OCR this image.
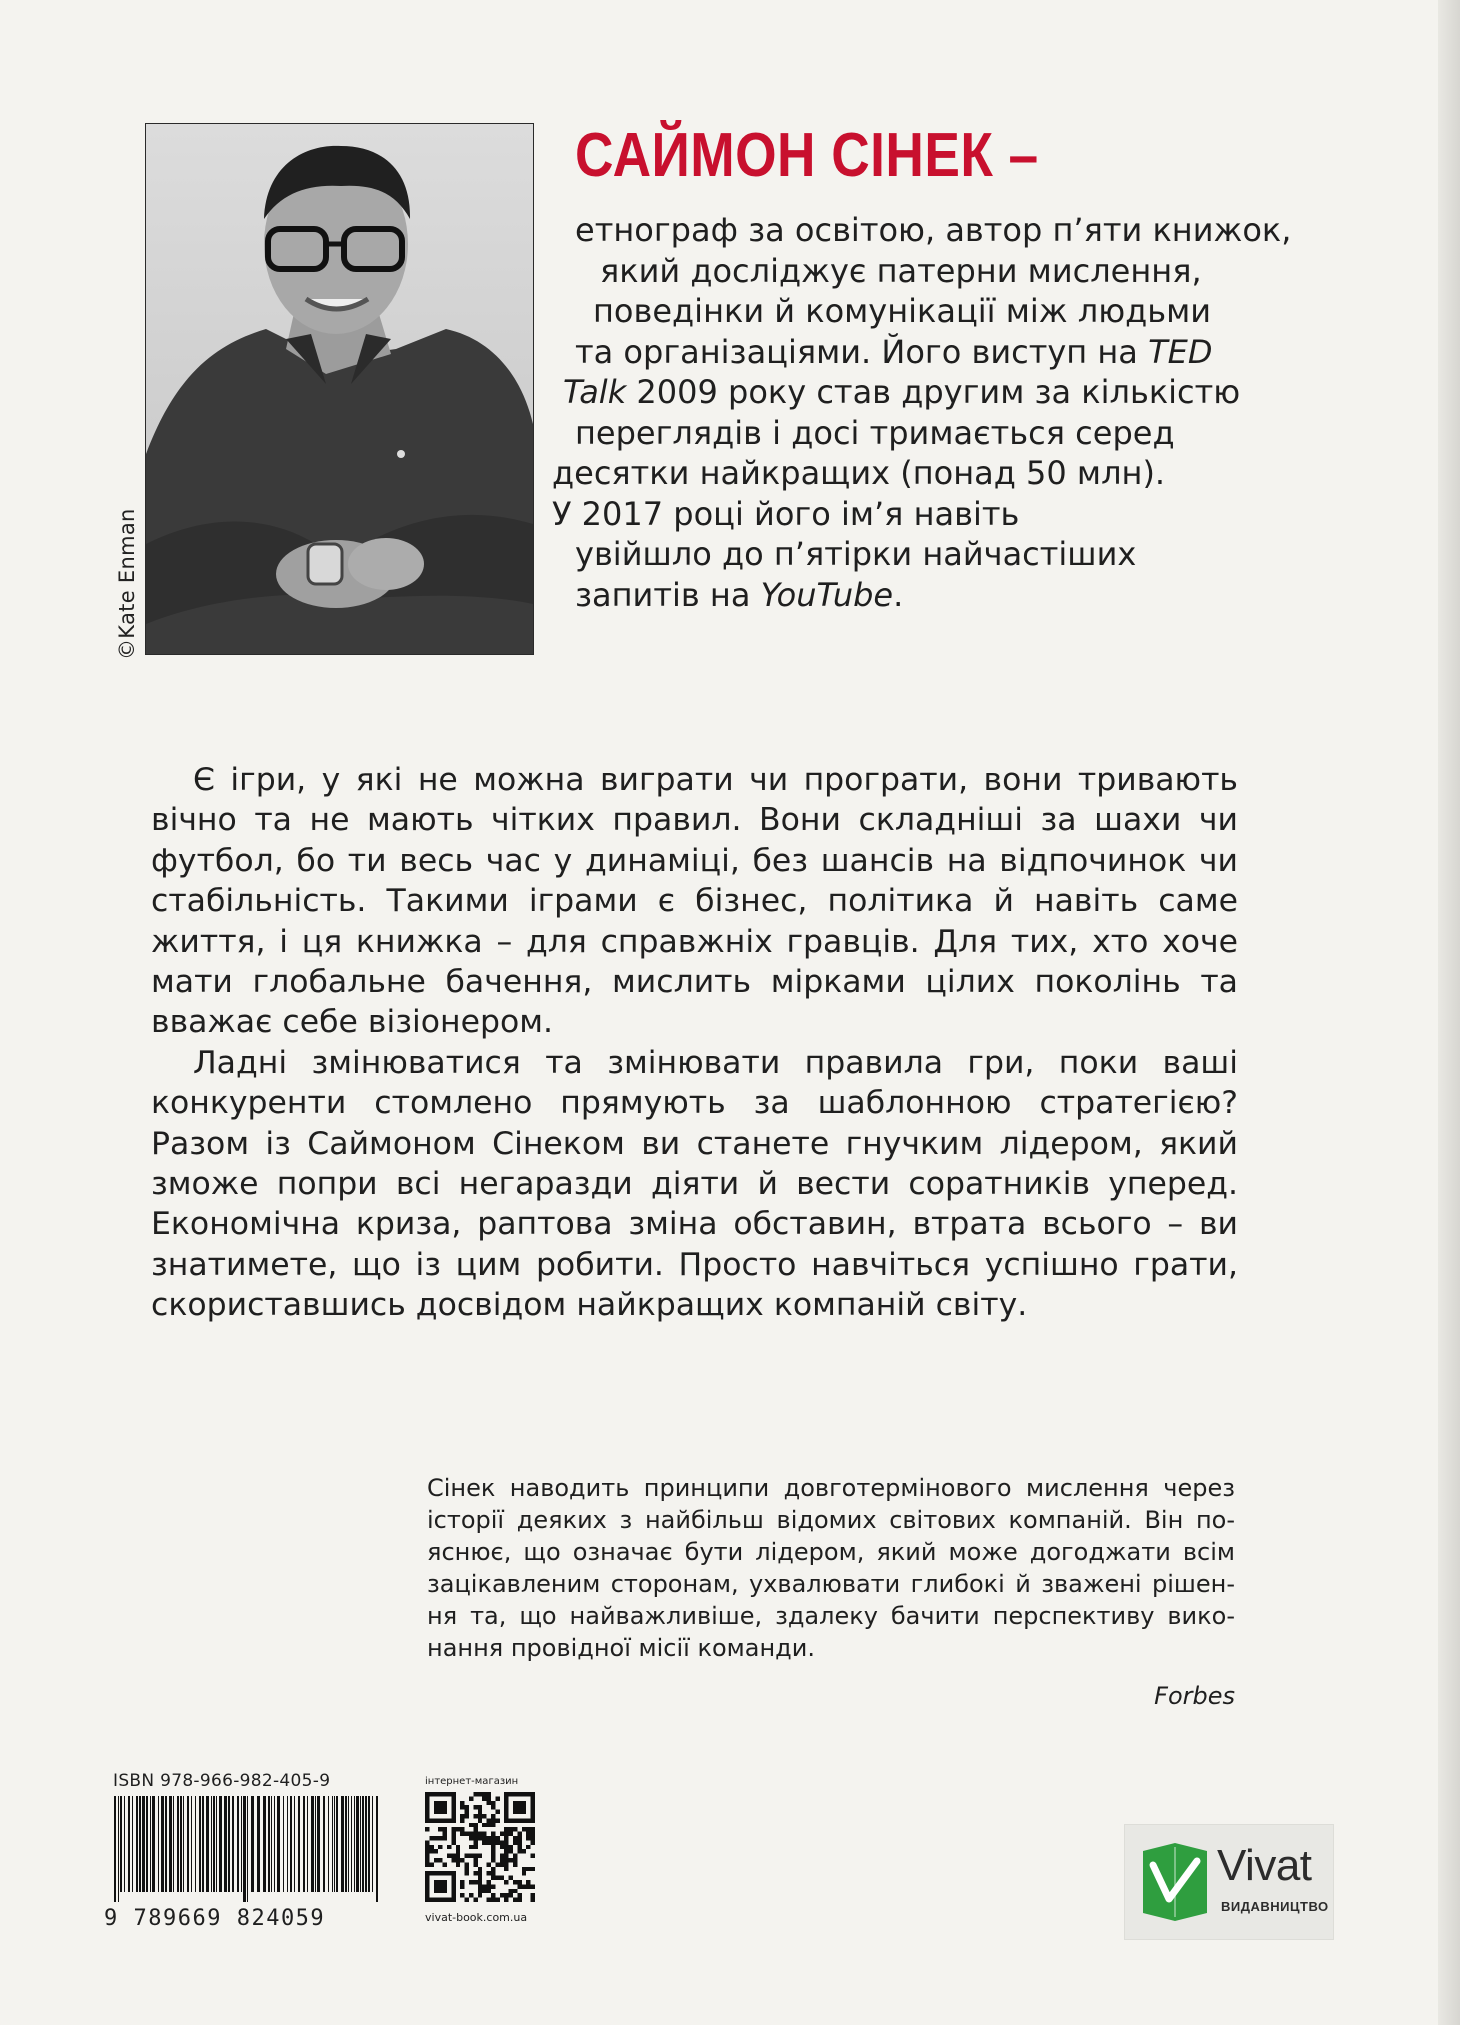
©Kate Enman
САЙМОН СІНЕК –
етнограф за освітою, автор п’яти книжок,
який досліджує патерни мислення,
поведінки й комунікації між людьми
та організаціями. Його виступ на TED
Talk 2009 року став другим за кількістю
переглядів і досі тримається серед
десятки найкращих (понад 50 млн).
У 2017 році його ім’я навіть
увійшло до п’ятірки найчастіших
запитів на YouTube.

Є ігри, у які не можна виграти чи програти, вони тривають вічно та не мають чітких правил. Вони складніші за шахи чи футбол, бо ти весь час у динаміці, без шансів на відпочинок чи стабільність. Такими іграми є бізнес, політика й навіть саме життя, і ця книжка – для справжніх гравців. Для тих, хто хоче мати глобальне бачення, мислить мірками цілих поколінь та вважає себе візіонером.

Ладні змінюватися та змінювати правила гри, поки ваші конкуренти стомлено прямують за шаблонною стратегією? Разом із Саймоном Сінеком ви станете гнучким лідером, який зможе попри всі негаразди діяти й вести соратників уперед. Економічна криза, раптова зміна обставин, втрата всього – ви знатимете, що із цим робити. Просто навчіться успішно грати, скориставшись досвідом найкращих компаній світу.

Сінек наводить принципи довготермінового мислення через історії деяких з найбільш відомих світових компаній. Він пояснює, що означає бути лідером, який може догоджати всім зацікавленим сторонам, ухвалювати глибокі й зважені рішення та, що найважливіше, здалеку бачити перспективу виконання провідної місії команди.
Forbes
ISBN 978-966-982-405-9
9 789669 824059
інтернет-магазин
vivat-book.com.ua
Vivat
ВИДАВНИЦТВО
